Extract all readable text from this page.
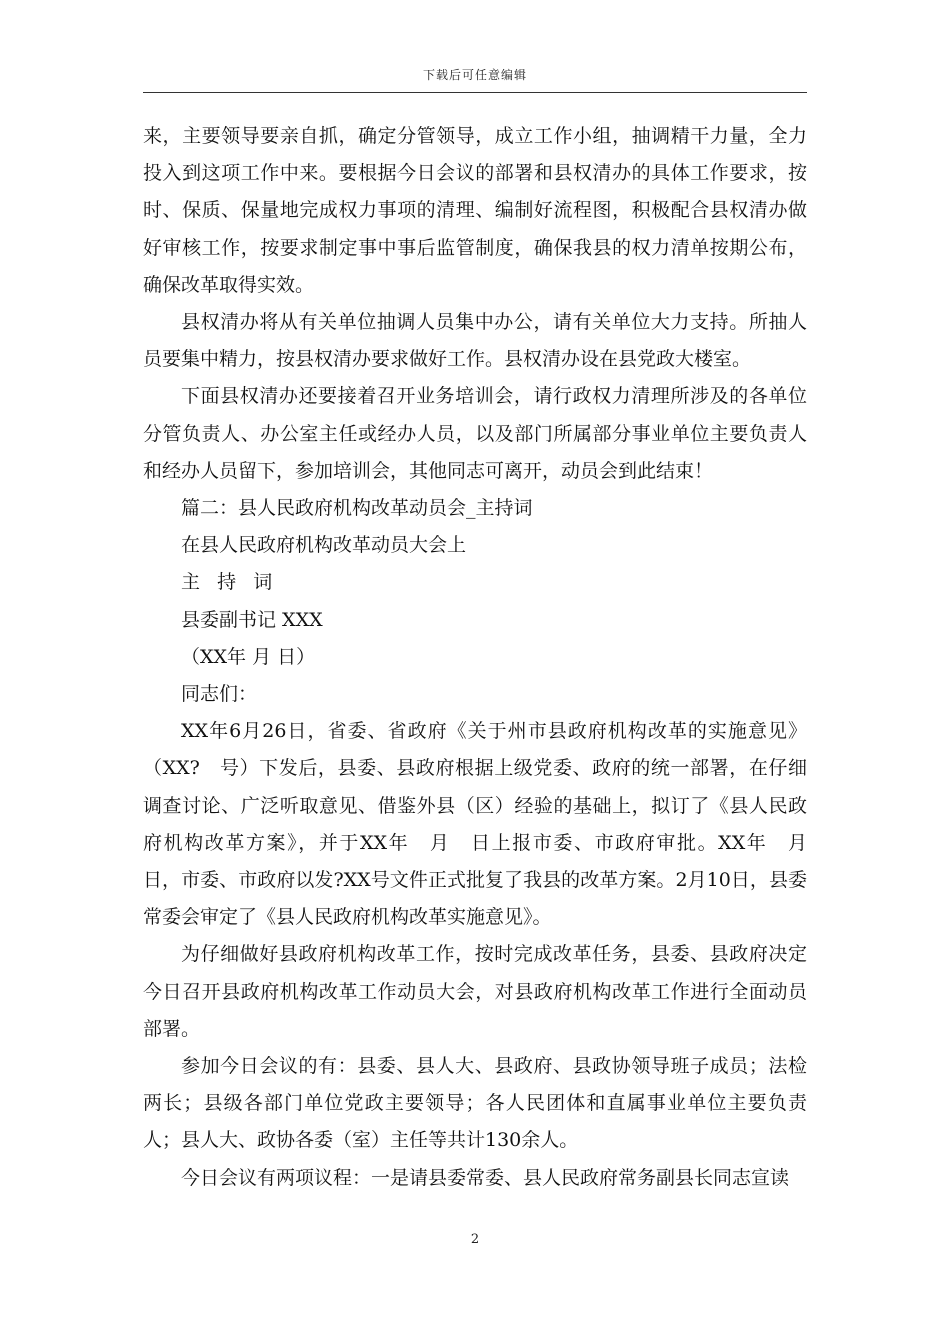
下载后可任意编辑

来，主要领导要亲自抓，确定分管领导，成立工作小组，抽调精干力量，全力投入到这项工作中来。要根据今日会议的部署和县权清办的具体工作要求，按时、保质、保量地完成权力事项的清理、编制好流程图，积极配合县权清办做好审核工作，按要求制定事中事后监管制度，确保我县的权力清单按期公布，确保改革取得实效。

县权清办将从有关单位抽调人员集中办公，请有关单位大力支持。所抽人员要集中精力，按县权清办要求做好工作。县权清办设在县党政大楼室。

下面县权清办还要接着召开业务培训会，请行政权力清理所涉及的各单位分管负责人、办公室主任或经办人员，以及部门所属部分事业单位主要负责人和经办人员留下，参加培训会，其他同志可离开，动员会到此结束！

篇二：县人民政府机构改革动员会_主持词

在县人民政府机构改革动员大会上

主持词

县委副书记 XXX

（XX年 月 日）

同志们：

XX年6月26日，省委、省政府《关于州市县政府机构改革的实施意见》（XX?　号）下发后，县委、县政府根据上级党委、政府的统一部署，在仔细调查讨论、广泛听取意见、借鉴外县（区）经验的基础上，拟订了《县人民政府机构改革方案》，并于XX年　月　日上报市委、市政府审批。XX年　月　日，市委、市政府以发?XX号文件正式批复了我县的改革方案。2月10日，县委常委会审定了《县人民政府机构改革实施意见》。

为仔细做好县政府机构改革工作，按时完成改革任务，县委、县政府决定今日召开县政府机构改革工作动员大会，对县政府机构改革工作进行全面动员部署。

参加今日会议的有：县委、县人大、县政府、县政协领导班子成员；法检两长；县级各部门单位党政主要领导；各人民团体和直属事业单位主要负责人；县人大、政协各委（室）主任等共计130余人。

今日会议有两项议程：一是请县委常委、县人民政府常务副县长同志宣读

2
